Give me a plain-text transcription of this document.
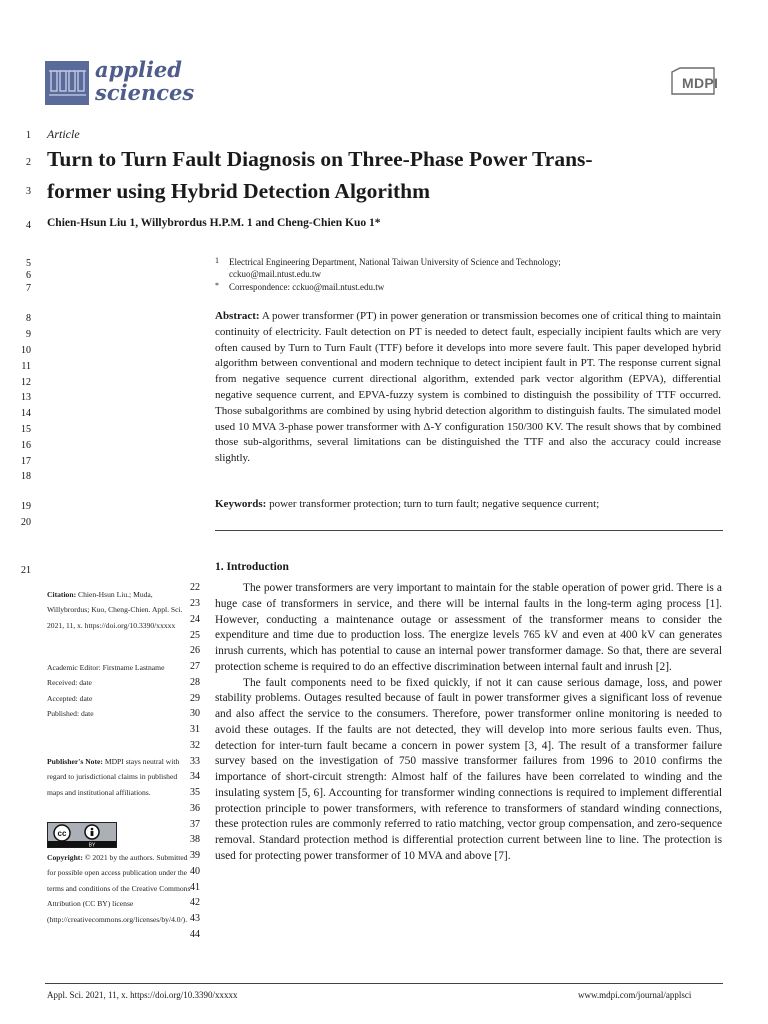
applied
sciences	MDPI
1
2
3
4
5
6
7
8
9
10
11
12
13
14
15
16
17
18
19
20
21
Article
Turn to Turn Fault Diagnosis on Three-Phase Power Trans-
former using Hybrid Detection Algorithm
Chien-Hsun Liu 1, Willybrordus H.P.M. 1 and Cheng-Chien Kuo 1*
1 Electrical Engineering Department, National Taiwan University of Science and Technology;
cckuo@mail.ntust.edu.tw
Correspondence: cckuo@mail.ntust.edu.tw
*
Abstract: A power transformer (PT) in power generation or transmission becomes one of critical thing to maintain continuity of electricity. Fault detection on PT is needed to detect fault, especially incipient faults which are very often caused by Turn to Turn Fault (TTF) before it develops into more severe fault. This paper developed hybrid algorithm between conventional and modern technique to detect incipient fault in PT. The response current signal from negative sequence current directional algorithm, extended park vector algorithm (EPVA), differential negative sequence current, and EPVA-fuzzy system is combined to distinguish the possibility of TTF occurred. Those subalgorithms are combined by using hybrid detection algorithm to distinguish faults. The simulated model used 10 MVA 3-phase power transformer with Δ-Y configuration 150/300 KV. The result shows that by combined those sub-algorithms, several limitations can be distinguished the TTF and also the accuracy could increase slightly.
Keywords: power transformer protection; turn to turn fault; negative sequence current;
1. Introduction

The power transformers are very important to maintain for the stable operation of power grid. There is a huge case of transformers in service, and there will be internal faults in the long-term aging process [1]. However, conducting a maintenance outage or assessment of the transformer means to consider the expenditure and time due to production loss. The energize levels 765 kV and even at 400 kV can generates inrush currents, which has potential to cause an internal power transformer damage. So that, there are several protection scheme is required to do an effective discrimination between internal fault and inrush [2].

The fault components need to be fixed quickly, if not it can cause serious damage, loss, and power stability problems. Outages resulted because of fault in power transformer gives a significant loss of revenue and also affect the service to the consumers. Therefore, power transformer online monitoring is needed to avoid these outages. If the faults are not detected, they will develop into more serious faults even. Thus, detection for inter-turn fault became a concern in power system [3, 4]. The result of a transformer failure survey based on the investigation of 750 massive transformer failures from 1996 to 2010 confirms the importance of short-circuit strength: Almost half of the failures have been correlated to winding and the insulating system [5, 6]. Accounting for transformer winding connections is required to implement differential protection principle to power transformers, with reference to transformers of standard winding connections, these protection rules are commonly referred to ratio matching, vector group compensation, and zero-sequence removal. Standard protection method is differential protection current between line to line. The protection is used for protecting power transformer of 10 MVA and above [7].

22
23
24
25
26
27
28
29
30
31
32
33
34
35
36
37
38
39
40
41
42
43
44
Citation: Chien-Hsun Liu.; Muda, Willybrordus; Kuo, Cheng-Chien. Appl. Sci. 2021, 11, x. https://doi.org/10.3390/xxxxx
Academic Editor: Firstname Lastname
Received: date
Accepted: date
Published: date
Publisher's Note: MDPI stays neutral with regard to jurisdictional claims in published maps and institutional affiliations.
cc
BY
Copyright: © 2021 by the authors. Submitted for possible open access publication under the terms and conditions of the Creative Commons Attribution (CC BY) license (http://creativecommons.org/licenses/by/4.0/).
Appl. Sci. 2021, 11, x. https://doi.org/10.3390/xxxxx	www.mdpi.com/journal/applsci
